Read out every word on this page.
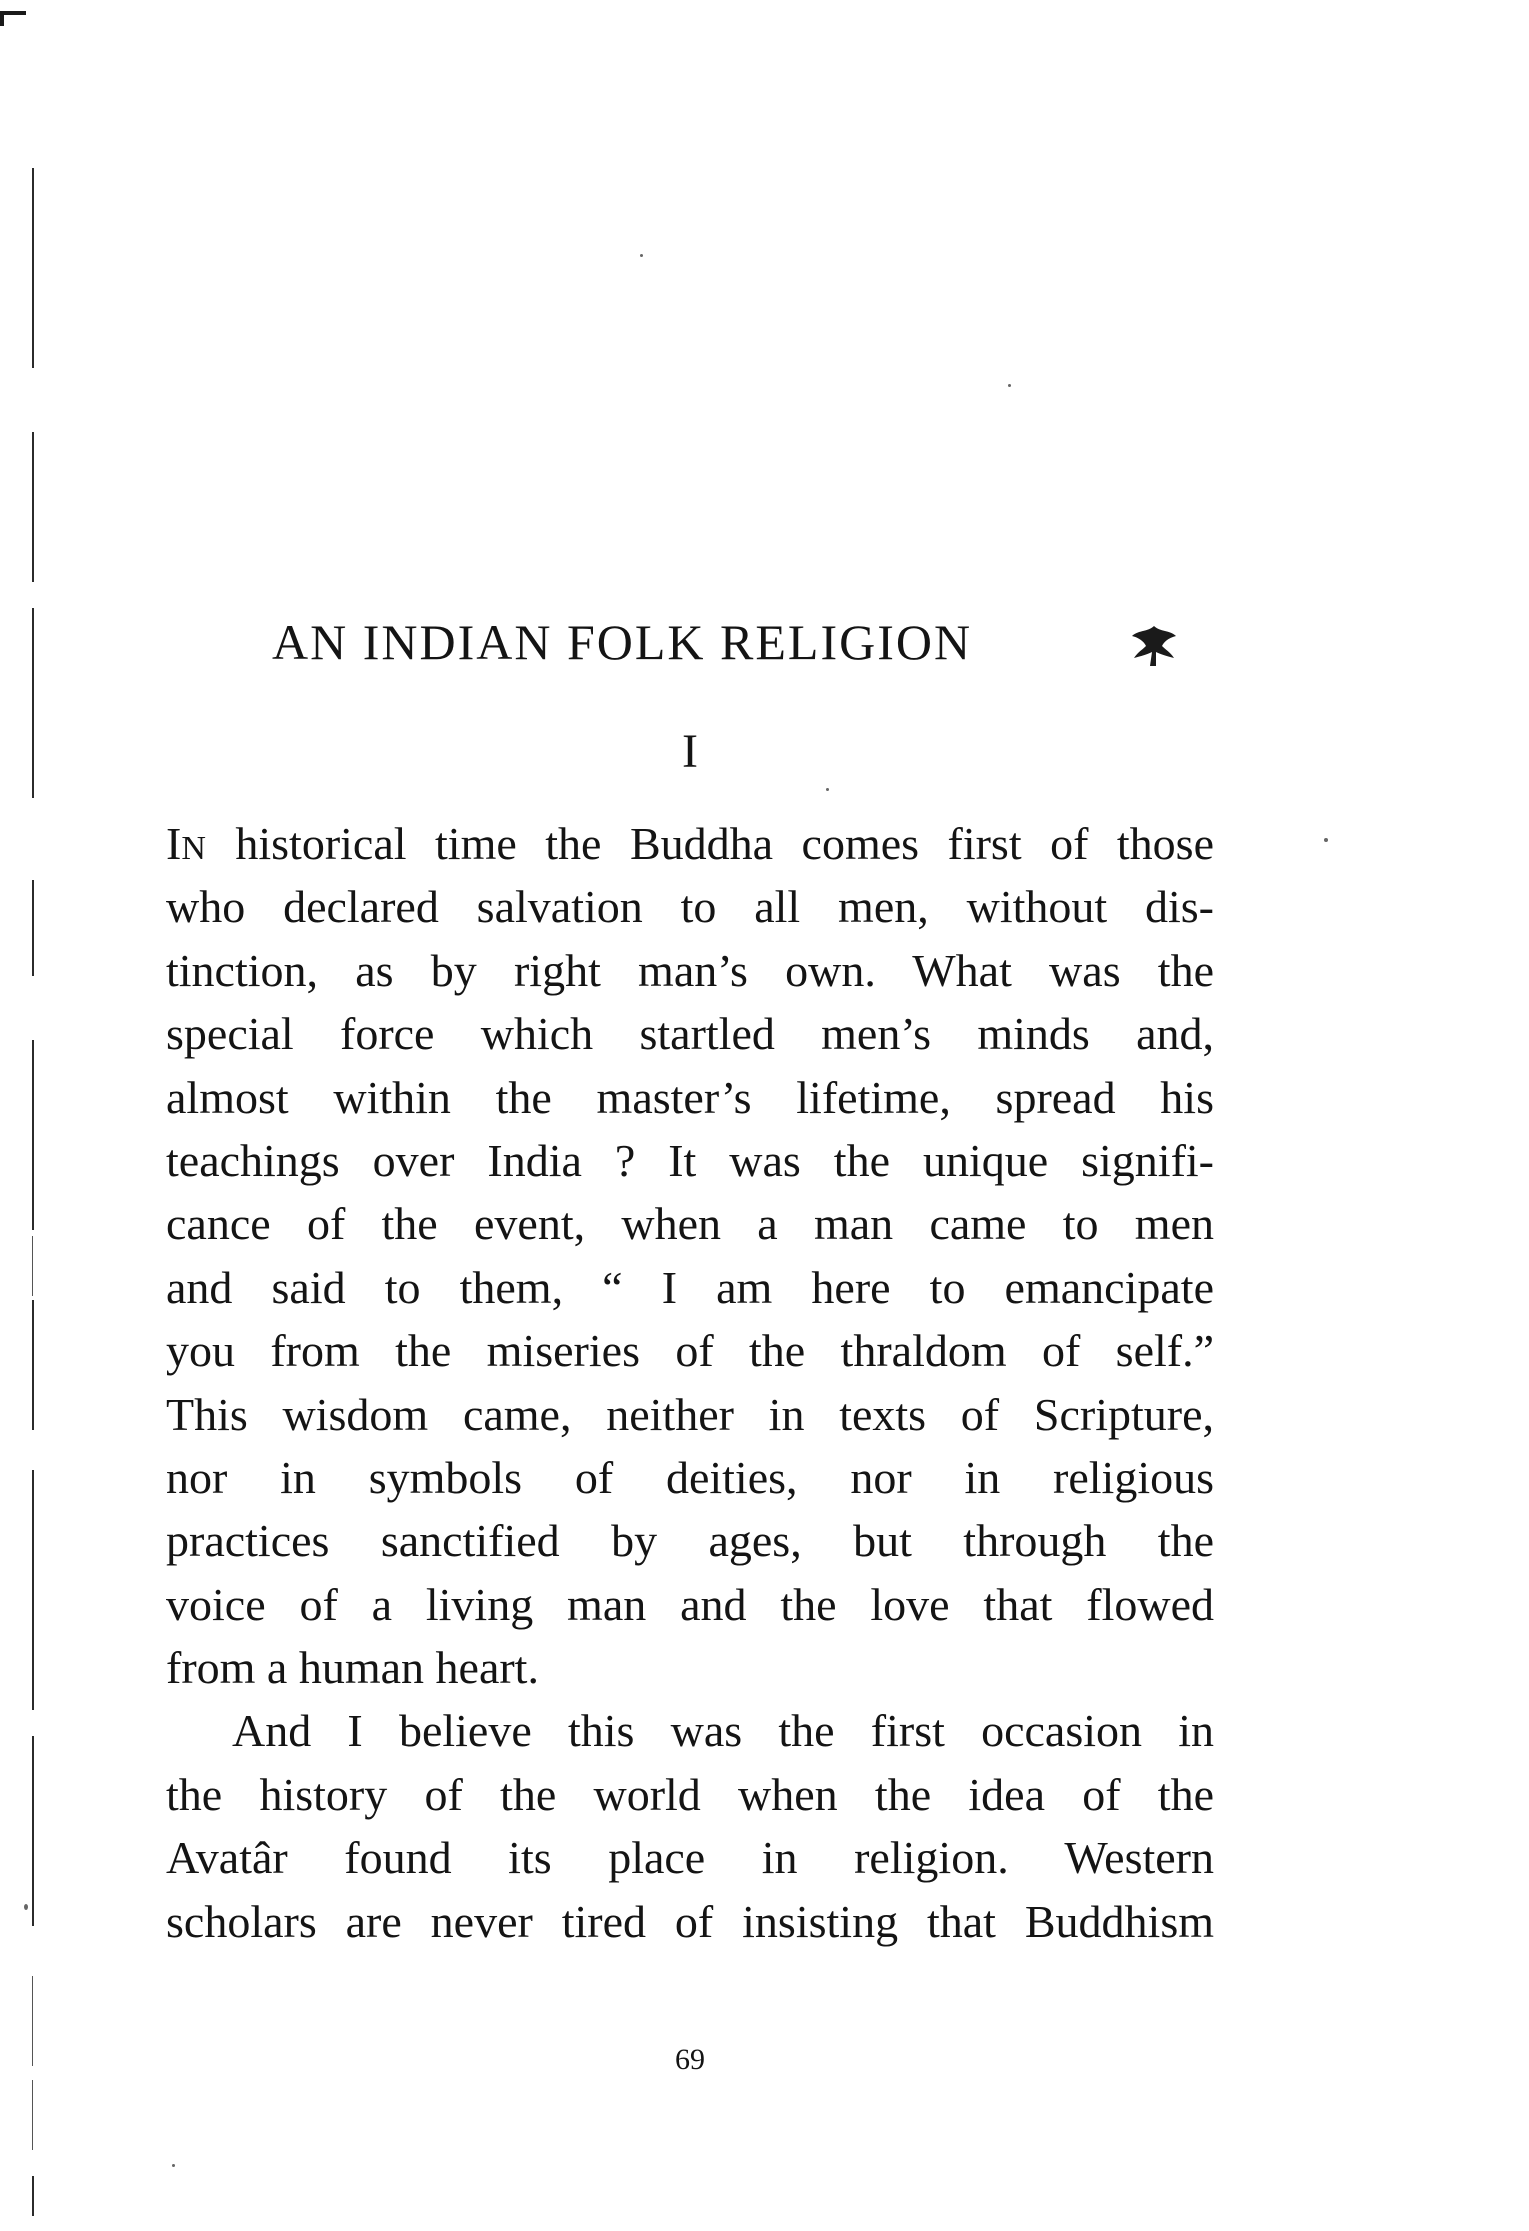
AN INDIAN FOLK RELIGION
I
IN historical time the Buddha comes first of those
who declared salvation to all men, without dis-
tinction, as by right man’s own. What was the
special force which startled men’s minds and,
almost within the master’s lifetime, spread his
teachings over India ? It was the unique signifi-
cance of the event, when a man came to men
and said to them, “ I am here to emancipate
you from the miseries of the thraldom of self.”
This wisdom came, neither in texts of Scripture,
nor in symbols of deities, nor in religious
practices sanctified by ages, but through the
voice of a living man and the love that flowed
from a human heart.
And I believe this was the first occasion in
the history of the world when the idea of the
Avatâr found its place in religion. Western
scholars are never tired of insisting that Buddhism
69
